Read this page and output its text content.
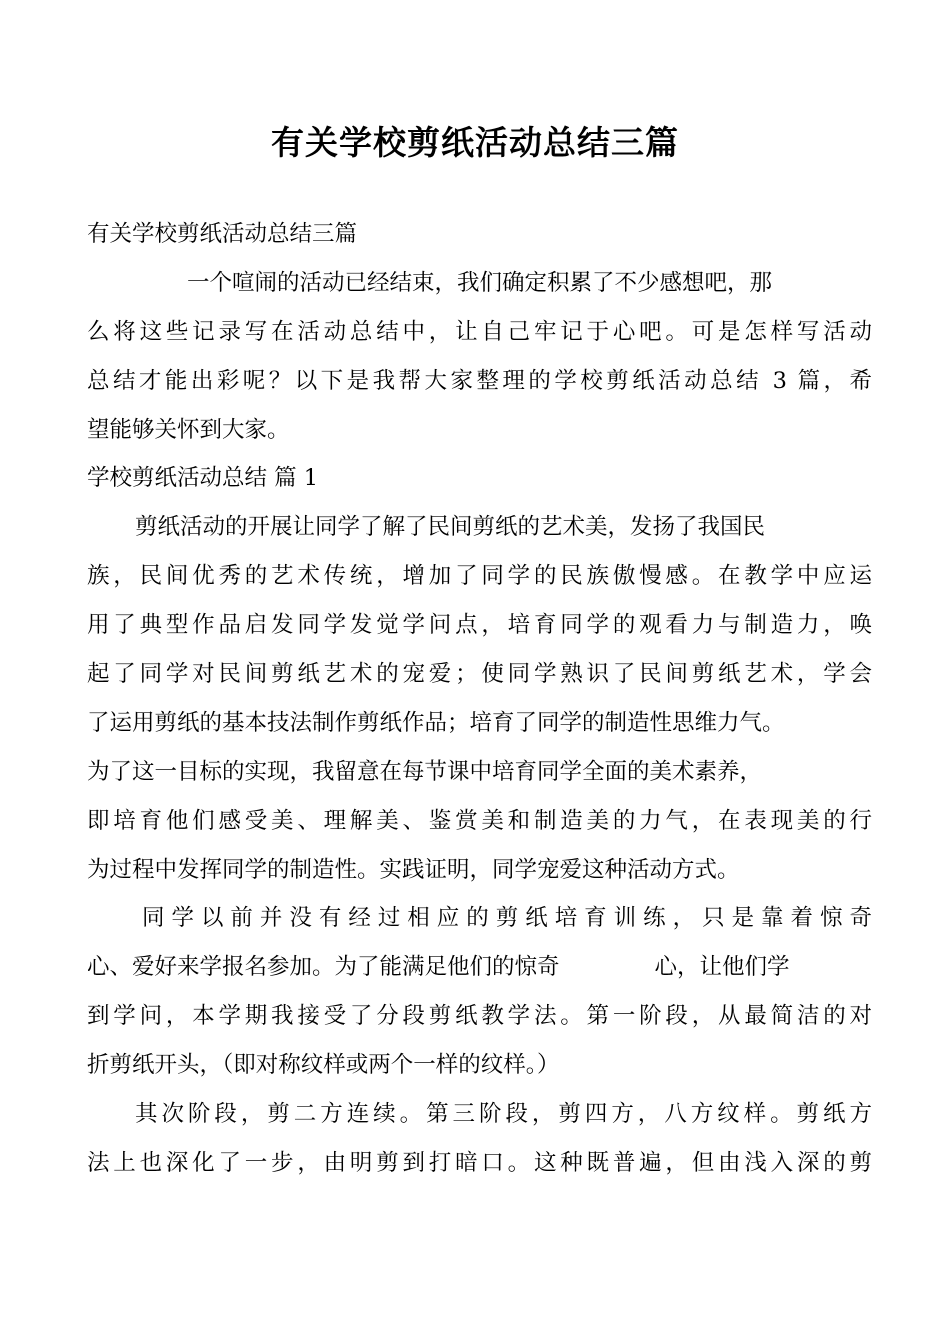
有关学校剪纸活动总结三篇
有关学校剪纸活动总结三篇
一个喧闹的活动已经结束，我们确定积累了不少感想吧，那
么将这些记录写在活动总结中，让自己牢记于心吧。可是怎样写活动
总结才能出彩呢？以下是我帮大家整理的学校剪纸活动总结 3 篇，希
望能够关怀到大家。
学校剪纸活动总结 篇 1
剪纸活动的开展让同学了解了民间剪纸的艺术美，发扬了我国民
族，民间优秀的艺术传统，增加了同学的民族傲慢感。在教学中应运
用了典型作品启发同学发觉学问点，培育同学的观看力与制造力，唤
起了同学对民间剪纸艺术的宠爱；使同学熟识了民间剪纸艺术，学会
了运用剪纸的基本技法制作剪纸作品；培育了同学的制造性思维力气。
为了这一目标的实现，我留意在每节课中培育同学全面的美术素养，
即培育他们感受美、理解美、鉴赏美和制造美的力气，在表现美的行
为过程中发挥同学的制造性。实践证明，同学宠爱这种活动方式。
同学以前并没有经过相应的剪纸培育训练，只是靠着惊奇
心、爱好来学报名参加。为了能满足他们的惊奇	心，让他们学
到学问，本学期我接受了分段剪纸教学法。第一阶段，从最简洁的对
折剪纸开头，（即对称纹样或两个一样的纹样。）
其次阶段，剪二方连续。第三阶段，剪四方，八方纹样。剪纸方
法上也深化了一步，由明剪到打暗口。这种既普遍，但由浅入深的剪
